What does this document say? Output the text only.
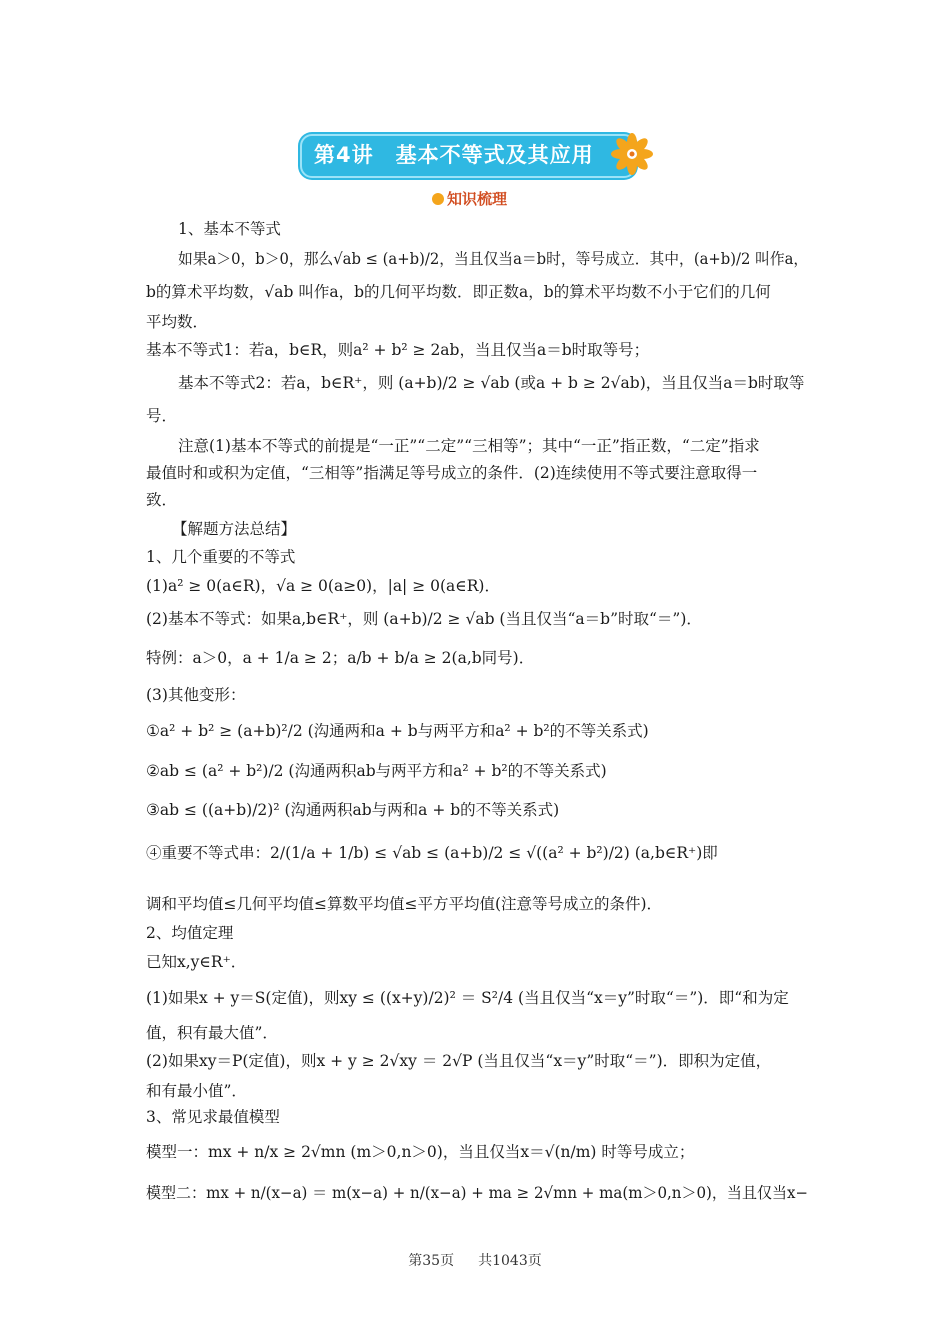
第4讲　基本不等式及其应用
知识梳理
1、基本不等式
如果a＞0，b＞0，那么√ab ≤ (a+b)/2，当且仅当a＝b时，等号成立．其中，(a+b)/2 叫作a，
b的算术平均数，√ab 叫作a，b的几何平均数．即正数a，b的算术平均数不小于它们的几何
平均数．
基本不等式1：若a，b∈R，则a² + b² ≥ 2ab，当且仅当a＝b时取等号；
基本不等式2：若a，b∈R⁺，则 (a+b)/2 ≥ √ab (或a + b ≥ 2√ab)，当且仅当a＝b时取等
号．
注意(1)基本不等式的前提是“一正”“二定”“三相等”；其中“一正”指正数，“二定”指求
最值时和或积为定值，“三相等”指满足等号成立的条件．(2)连续使用不等式要注意取得一
致．
【解题方法总结】
1、几个重要的不等式
(1)a² ≥ 0(a∈R)，√a ≥ 0(a≥0)，|a| ≥ 0(a∈R)．
(2)基本不等式：如果a,b∈R⁺，则 (a+b)/2 ≥ √ab (当且仅当“a＝b”时取“＝”)．
特例：a＞0，a + 1/a ≥ 2；a/b + b/a ≥ 2(a,b同号)．
(3)其他变形：
①a² + b² ≥ (a+b)²/2 (沟通两和a + b与两平方和a² + b²的不等关系式)
②ab ≤ (a² + b²)/2 (沟通两积ab与两平方和a² + b²的不等关系式)
③ab ≤ ((a+b)/2)² (沟通两积ab与两和a + b的不等关系式)
④重要不等式串：2/(1/a + 1/b) ≤ √ab ≤ (a+b)/2 ≤ √((a² + b²)/2) (a,b∈R⁺)即
调和平均值≤几何平均值≤算数平均值≤平方平均值(注意等号成立的条件)．
2、均值定理
已知x,y∈R⁺．
(1)如果x + y＝S(定值)，则xy ≤ ((x+y)/2)² ＝ S²/4 (当且仅当“x＝y”时取“＝”)．即“和为定
值，积有最大值”．
(2)如果xy＝P(定值)，则x + y ≥ 2√xy ＝ 2√P (当且仅当“x＝y”时取“＝”)．即积为定值，
和有最小值”．
3、常见求最值模型
模型一：mx + n/x ≥ 2√mn (m＞0,n＞0)，当且仅当x＝√(n/m) 时等号成立；
模型二：mx + n/(x−a) ＝ m(x−a) + n/(x−a) + ma ≥ 2√mn + ma(m＞0,n＞0)，当且仅当x−
第35页 共1043页
